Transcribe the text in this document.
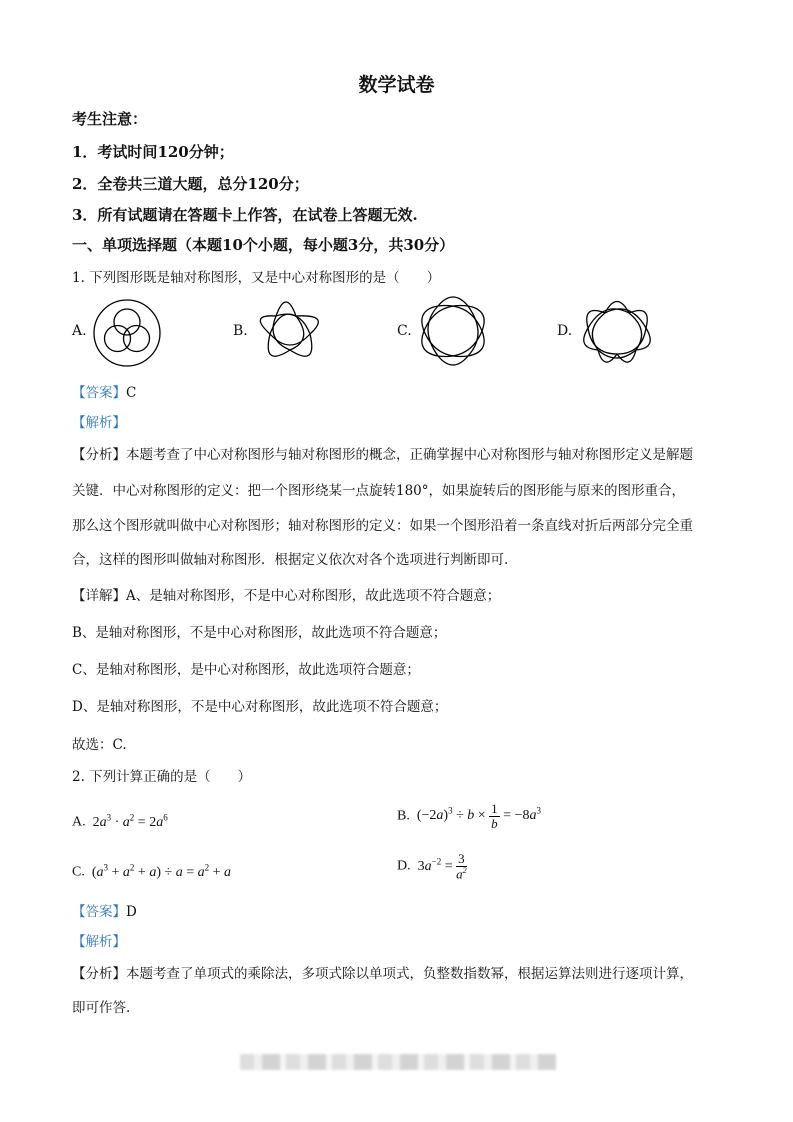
数学试卷
考生注意：
1．考试时间120分钟；
2．全卷共三道大题，总分120分；
3．所有试题请在答题卡上作答，在试卷上答题无效.
一、单项选择题（本题10个小题，每小题3分，共30分）
1. 下列图形既是轴对称图形，又是中心对称图形的是（　　）
A.	B.	C.	D.
【答案】C
【解析】
【分析】本题考查了中心对称图形与轴对称图形的概念，正确掌握中心对称图形与轴对称图形定义是解题
关键．中心对称图形的定义：把一个图形绕某一点旋转180°，如果旋转后的图形能与原来的图形重合，
那么这个图形就叫做中心对称图形；轴对称图形的定义：如果一个图形沿着一条直线对折后两部分完全重
合，这样的图形叫做轴对称图形．根据定义依次对各个选项进行判断即可.
【详解】A、是轴对称图形，不是中心对称图形，故此选项不符合题意；
B、是轴对称图形，不是中心对称图形，故此选项不符合题意；
C、是轴对称图形，是中心对称图形，故此选项符合题意；
D、是轴对称图形，不是中心对称图形，故此选项不符合题意；
故选：C.
2. 下列计算正确的是（　　）
A. $2a^3 \cdot a^2 = 2a^6$	B. $(-2a)^3 \div b \times \frac{1}{b} = -8a^3$
C. $(a^3 + a^2 + a) \div a = a^2 + a$	D. $3a^{-2} = \frac{3}{a^2}$
【答案】D
【解析】
【分析】本题考查了单项式的乘除法，多项式除以单项式，负整数指数幂，根据运算法则进行逐项计算，
即可作答.
